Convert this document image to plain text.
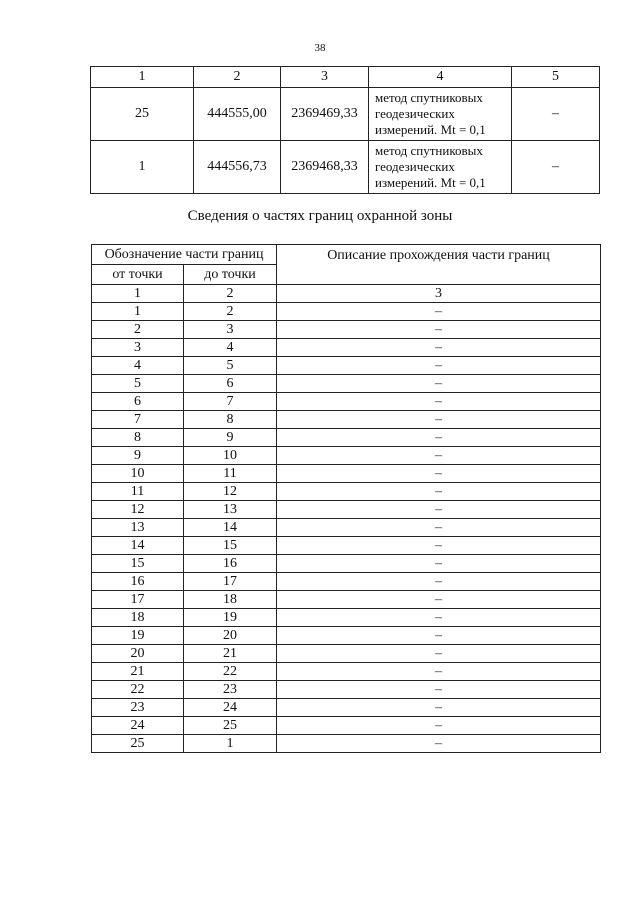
38
1	2	3	4	5
25	444555,00	2369469,33	метод спутниковых
геодезических
измерений. Mt = 0,1	–
1	444556,73	2369468,33	метод спутниковых
геодезических
измерений. Mt = 0,1	–
Сведения о частях границ охранной зоны
Обозначение части границ		Описание прохождения части границ
от точки	до точки	
1	2	3
1	2	–
2	3	–
3	4	–
4	5	–
5	6	–
6	7	–
7	8	–
8	9	–
9	10	–
10	11	–
11	12	–
12	13	–
13	14	–
14	15	–
15	16	–
16	17	–
17	18	–
18	19	–
19	20	–
20	21	–
21	22	–
22	23	–
23	24	–
24	25	–
25	1	–
